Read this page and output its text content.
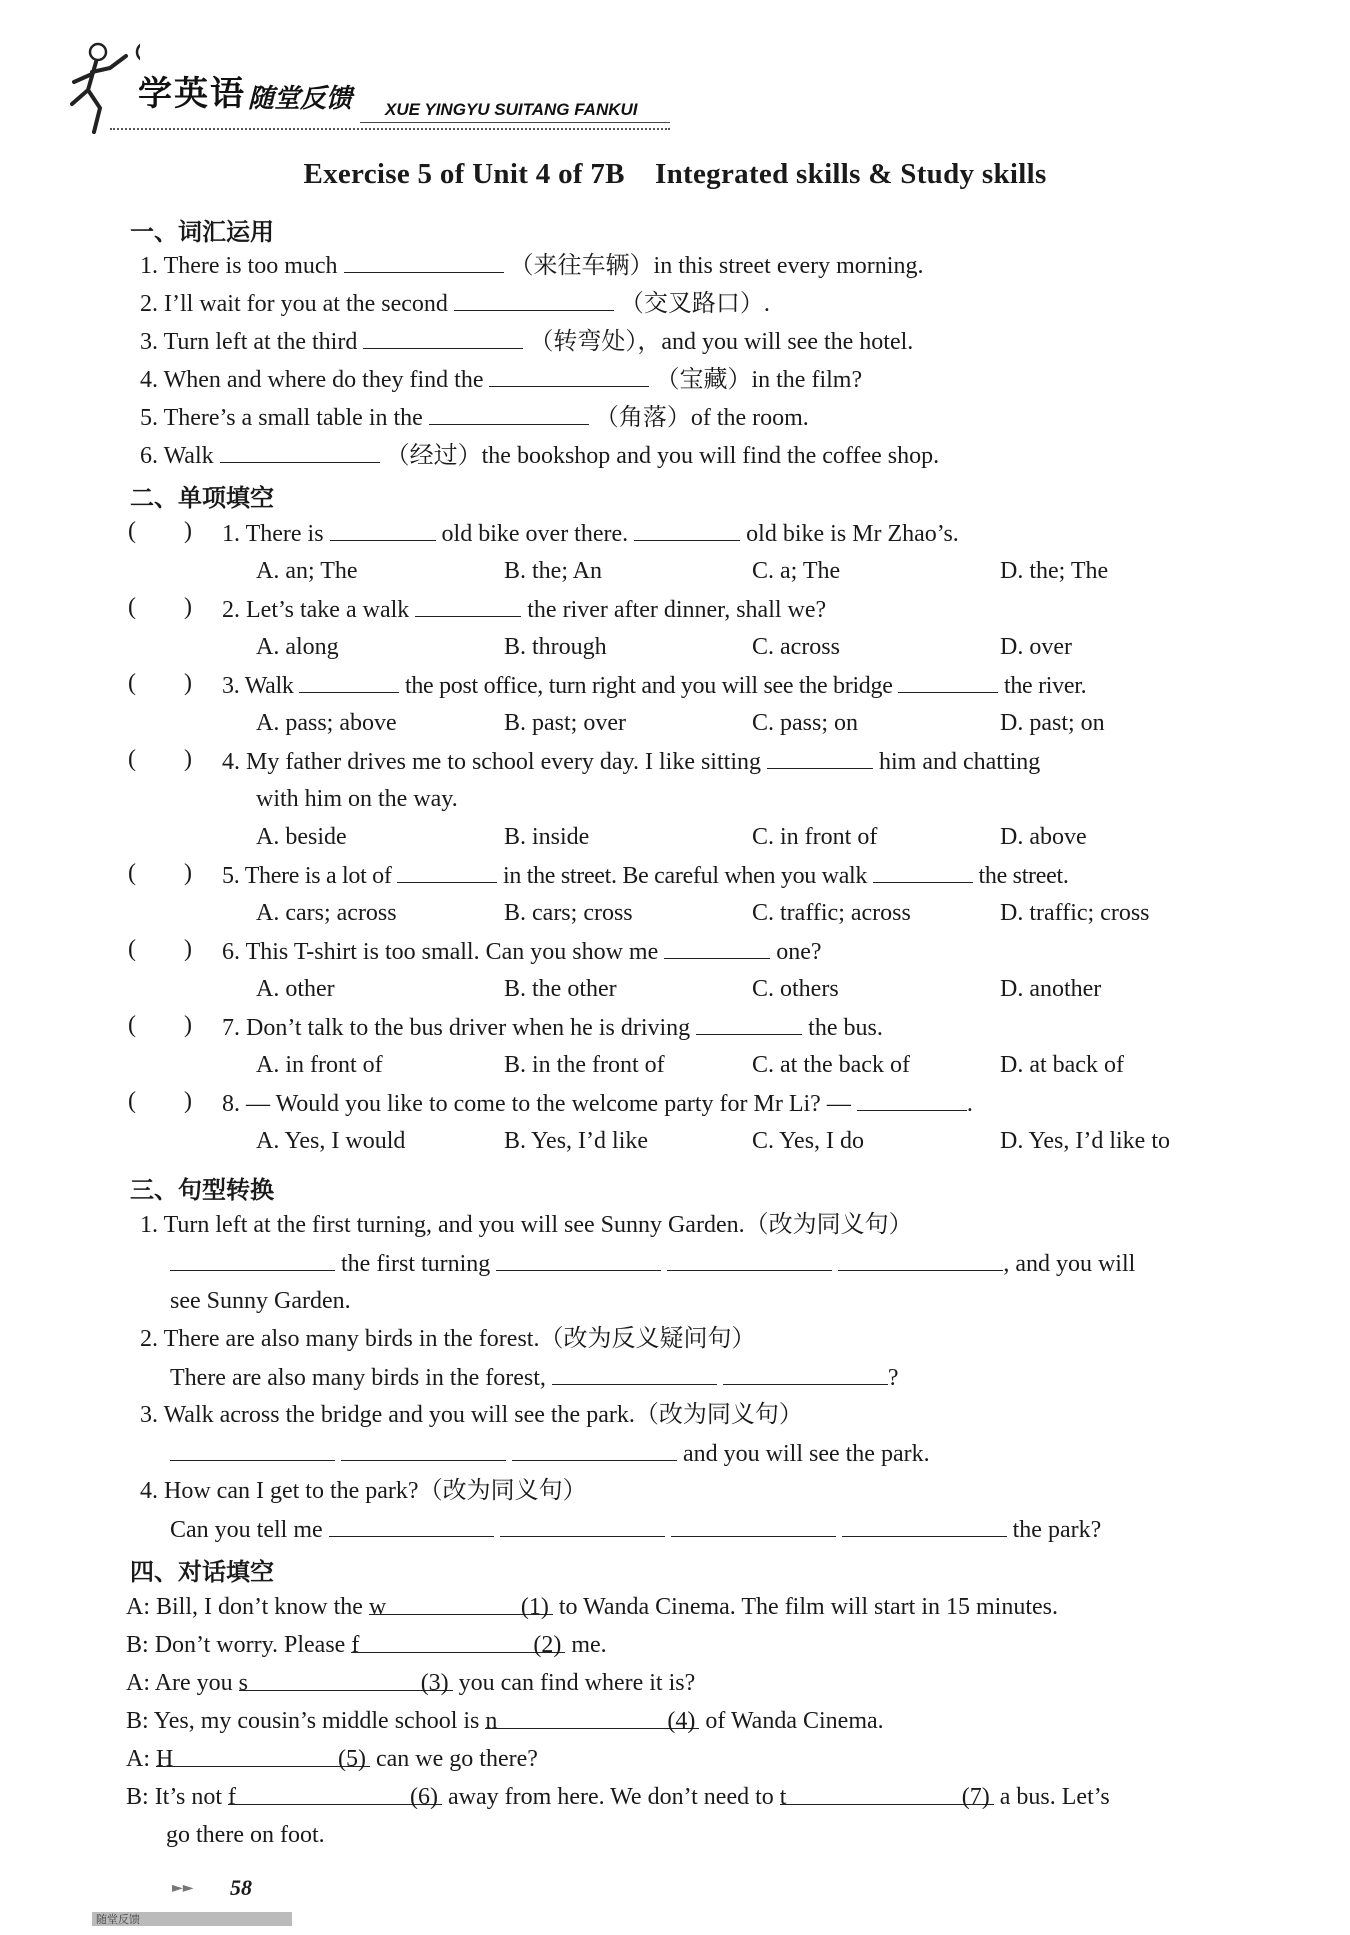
学英语 随堂反馈 XUE YINGYU SUITANG FANKUI
Exercise 5 of Unit 4 of 7B    Integrated skills & Study skills
一、词汇运用
1. There is too much	（来往车辆）in this street every morning.
2. I’ll wait for you at the second	（交叉路口）.
3. Turn left at the third	（转弯处），and you will see the hotel.
4. When and where do they find the	（宝藏）in the film?
5. There’s a small table in the	（角落）of the room.
6. Walk	（经过）the bookshop and you will find the coffee shop.
二、单项填空
(        ) 1. There is	old bike over there.	old bike is Mr Zhao’s.
A. an; The	B. the; An	C. a; The	D. the; The
(        ) 2. Let’s take a walk	the river after dinner, shall we?
A. along	B. through	C. across	D. over
(        ) 3. Walk	the post office, turn right and you will see the bridge	the river.
A. pass; above	B. past; over	C. pass; on	D. past; on
(        ) 4. My father drives me to school every day. I like sitting	him and chatting
with him on the way.
A. beside	B. inside	C. in front of	D. above
(        ) 5. There is a lot of	in the street. Be careful when you walk	the street.
A. cars; across	B. cars; cross	C. traffic; across	D. traffic; cross
(        ) 6. This T-shirt is too small. Can you show me	one?
A. other	B. the other	C. others	D. another
(        ) 7. Don’t talk to the bus driver when he is driving	the bus.
A. in front of	B. in the front of	C. at the back of	D. at back of
(        ) 8. — Would you like to come to the welcome party for Mr Li? —	.
A. Yes, I would	B. Yes, I’d like	C. Yes, I do	D. Yes, I’d like to
三、句型转换
1. Turn left at the first turning, and you will see Sunny Garden.（改为同义句）
the first turning	, and you will
see Sunny Garden.
2. There are also many birds in the forest.（改为反义疑问句）
There are also many birds in the forest,	?
3. Walk across the bridge and you will see the park.（改为同义句）
and you will see the park.
4. How can I get to the park?（改为同义句）
Can you tell me	the park?
四、对话填空
A: Bill, I don’t know the w	(1) to Wanda Cinema. The film will start in 15 minutes.
B: Don’t worry. Please f	(2) me.
A: Are you s	(3) you can find where it is?
B: Yes, my cousin’s middle school is n	(4) of Wanda Cinema.
A: H	(5) can we go there?
B: It’s not f	(6) away from here. We don’t need to t	(7) a bus. Let’s
go there on foot.
►► 58
随堂反馈
